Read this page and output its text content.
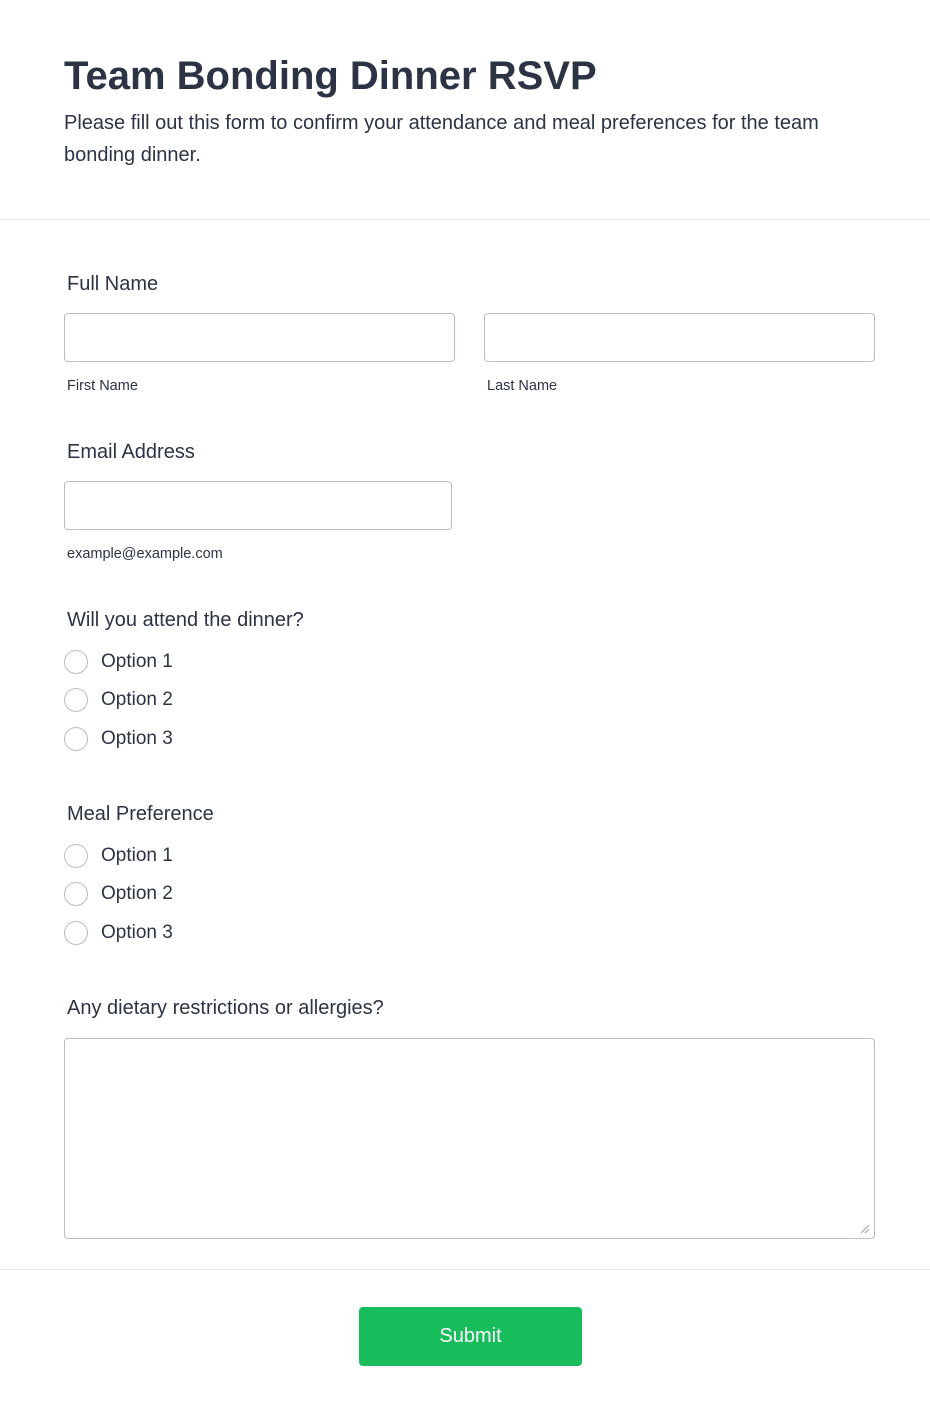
Team Bonding Dinner RSVP

Please fill out this form to confirm your attendance and meal preferences for the team bonding dinner.

Full Name
First Name	Last Name
Email Address
example@example.com
Will you attend the dinner?
Option 1
Option 2
Option 3
Meal Preference
Option 1
Option 2
Option 3
Any dietary restrictions or allergies?
Submit
